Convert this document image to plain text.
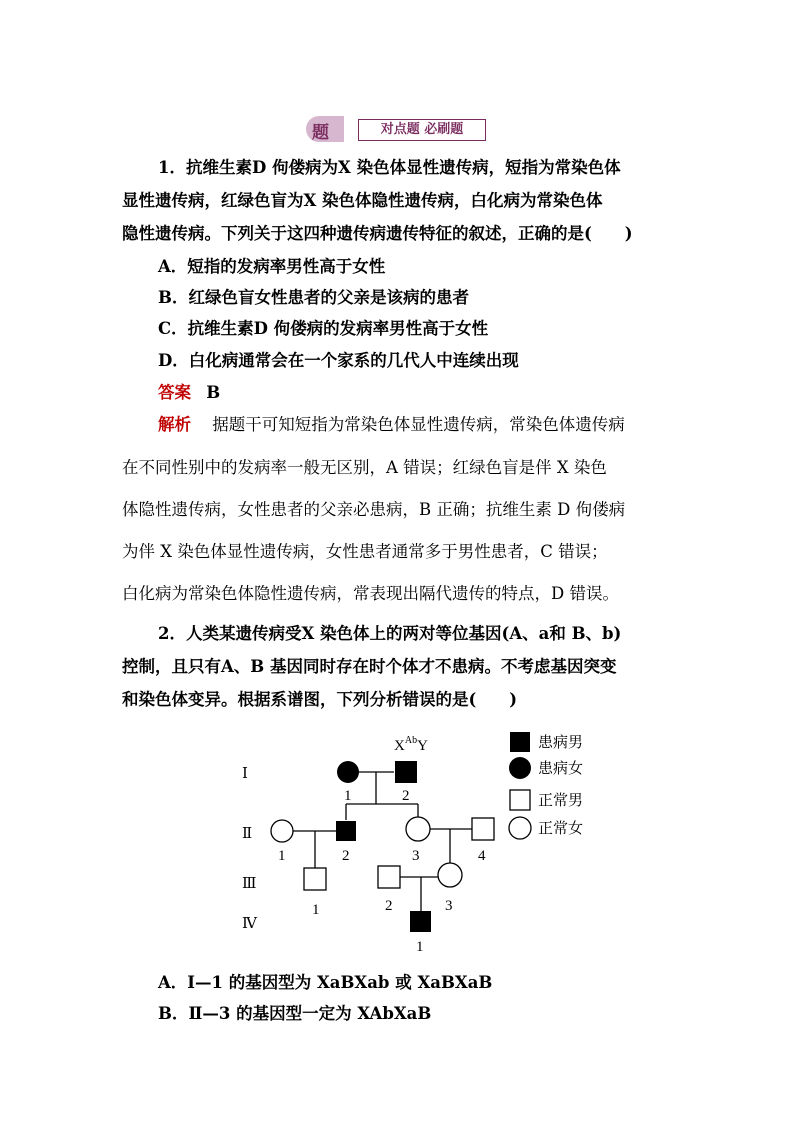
题	对点题 必刷题
1．抗维生素D 佝偻病为X 染色体显性遗传病，短指为常染色体
显性遗传病，红绿色盲为X 染色体隐性遗传病，白化病为常染色体
隐性遗传病。下列关于这四种遗传病遗传特征的叙述，正确的是(　　)
A．短指的发病率男性高于女性
B．红绿色盲女性患者的父亲是该病的患者
C．抗维生素D 佝偻病的发病率男性高于女性
D．白化病通常会在一个家系的几代人中连续出现
答案 B
解析 据题干可知短指为常染色体显性遗传病，常染色体遗传病
在不同性别中的发病率一般无区别，A 错误；红绿色盲是伴 X 染色
体隐性遗传病，女性患者的父亲必患病，B 正确；抗维生素 D 佝偻病
为伴 X 染色体显性遗传病，女性患者通常多于男性患者，C 错误；
白化病为常染色体隐性遗传病，常表现出隔代遗传的特点，D 错误。
2．人类某遗传病受X 染色体上的两对等位基因(A、a和 B、b)
控制，且只有A、B 基因同时存在时个体才不患病。不考虑基因突变
和染色体变异。根据系谱图，下列分析错误的是(　　)
Ⅰ
Ⅱ
Ⅲ
Ⅳ
$X^{Ab}Y$
1	2
1	2	3	4
1	2	3
1
患病男
患病女
正常男
正常女
A．Ⅰ—1 的基因型为 XaBXab 或 XaBXaB
B．Ⅱ—3 的基因型一定为 XAbXaB
